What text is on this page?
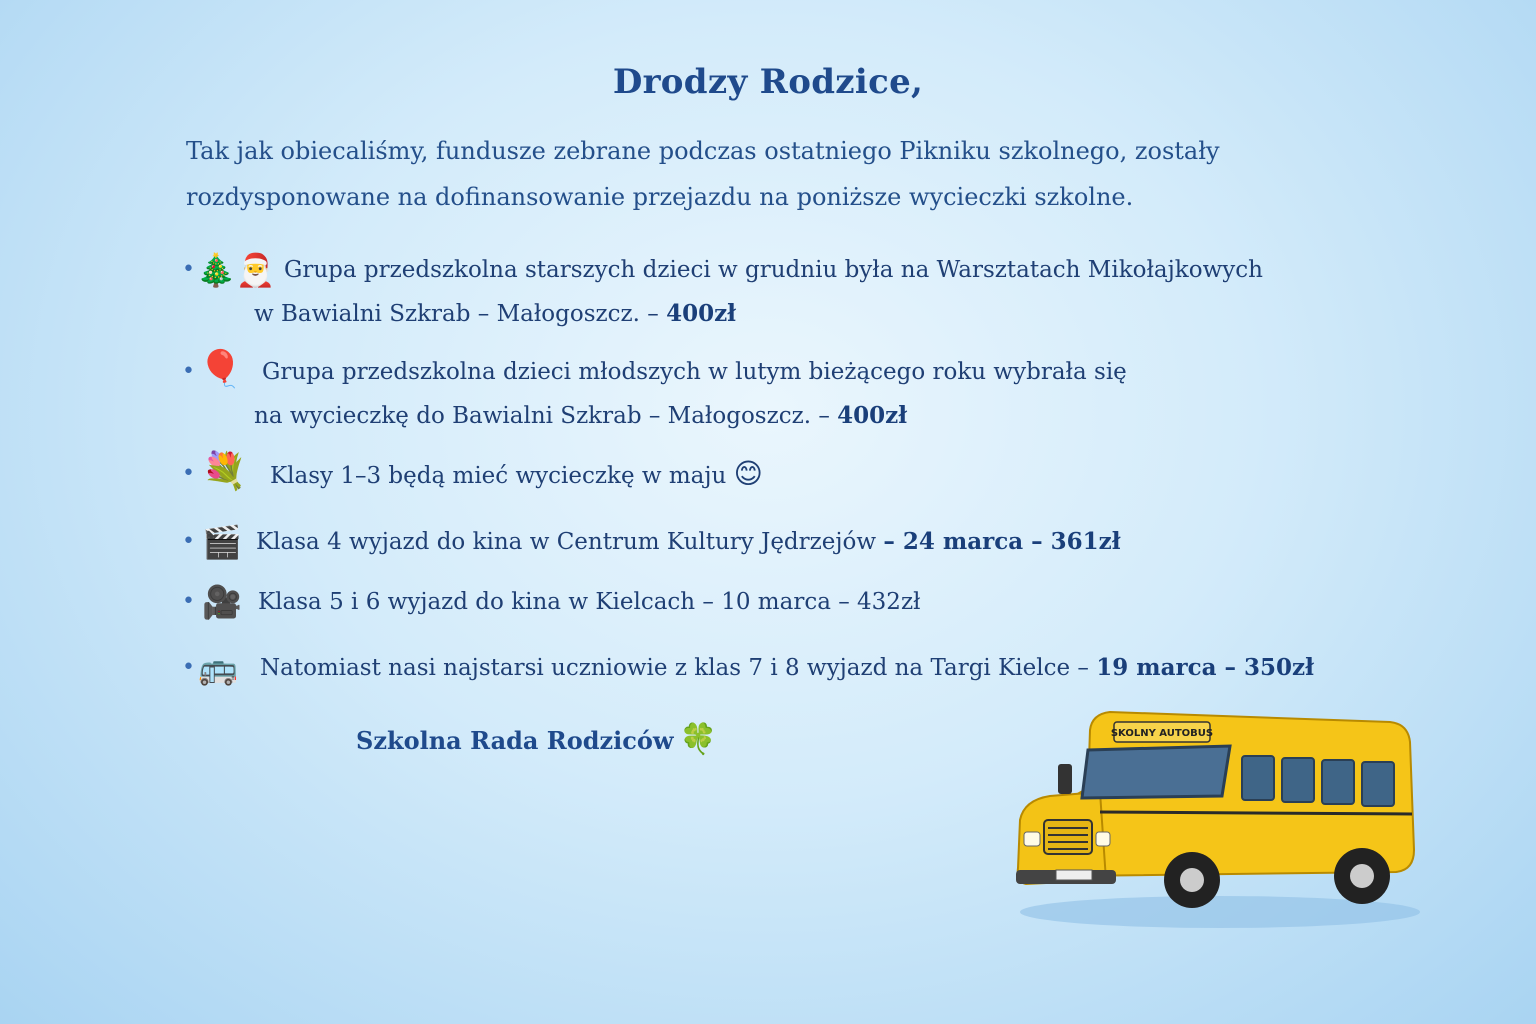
Drodzy Rodzice,
Tak jak obiecaliśmy, fundusze zebrane podczas ostatniego Pikniku szkolnego, zostały
rozdysponowane na dofinansowanie przejazdu na poniższe wycieczki szkolne.
• 🎄🎅 Grupa przedszkolna starszych dzieci w grudniu była na Warsztatach Mikołajkowych
w Bawialni Szkrab – Małogoszcz. – 400zł
• 🎈 Grupa przedszkolna dzieci młodszych w lutym bieżącego roku wybrała się
na wycieczkę do Bawialni Szkrab – Małogoszcz. – 400zł
• 💐 Klasy 1–3 będą mieć wycieczkę w maju 😊
• 🎬 Klasa 4 wyjazd do kina w Centrum Kultury Jędrzejów – 24 marca – 361zł
• 🎥 Klasa 5 i 6 wyjazd do kina w Kielcach – 10 marca – 432zł
• 🚌 Natomiast nasi najstarsi uczniowie z klas 7 i 8 wyjazd na Targi Kielce – 19 marca – 350zł
Szkolna Rada Rodziców 🍀	SKOLNY AUTOBUS
